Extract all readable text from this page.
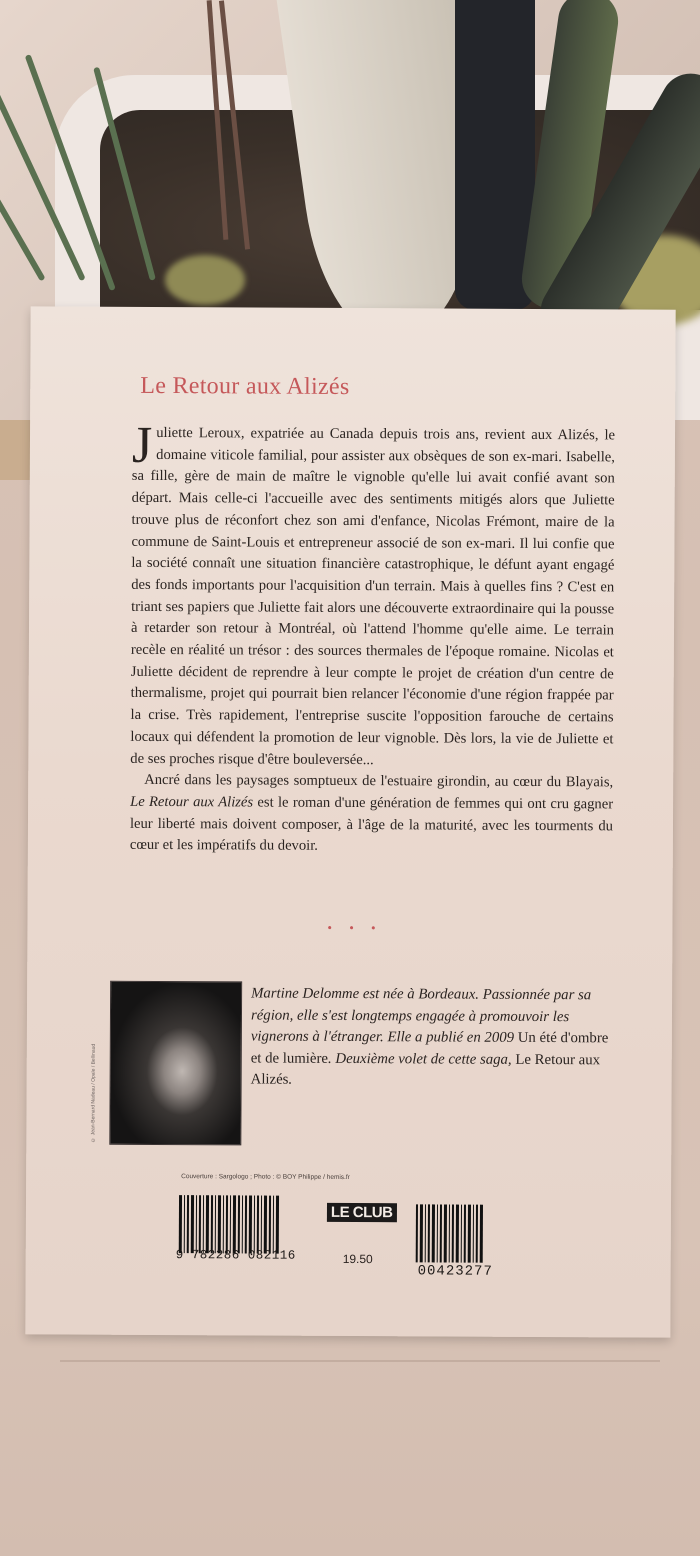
Le Retour aux Alizés

Juliette Leroux, expatriée au Canada depuis trois ans, revient aux Alizés, le domaine viticole familial, pour assister aux obsèques de son ex-mari. Isabelle, sa fille, gère de main de maître le vignoble qu'elle lui avait confié avant son départ. Mais celle-ci l'accueille avec des sentiments mitigés alors que Juliette trouve plus de réconfort chez son ami d'enfance, Nicolas Frémont, maire de la commune de Saint-Louis et entrepreneur associé de son ex-mari. Il lui confie que la société connaît une situation financière catastrophique, le défunt ayant engagé des fonds importants pour l'acquisition d'un terrain. Mais à quelles fins ? C'est en triant ses papiers que Juliette fait alors une découverte extraordinaire qui la pousse à retarder son retour à Montréal, où l'attend l'homme qu'elle aime. Le terrain recèle en réalité un trésor : des sources thermales de l'époque romaine. Nicolas et Juliette décident de reprendre à leur compte le projet de création d'un centre de thermalisme, projet qui pourrait bien relancer l'économie d'une région frappée par la crise. Très rapidement, l'entreprise suscite l'opposition farouche de certains locaux qui défendent la promotion de leur vignoble. Dès lors, la vie de Juliette et de ses proches risque d'être bouleversée...

Ancré dans les paysages somptueux de l'estuaire girondin, au cœur du Blayais, Le Retour aux Alizés est le roman d'une génération de femmes qui ont cru gagner leur liberté mais doivent composer, à l'âge de la maturité, avec les tourments du cœur et les impératifs du devoir.

• • •
© Jean-Bernard Nadeau / Opale / Bellinaud
Martine Delomme est née à Bordeaux. Passionnée par sa région, elle s'est longtemps engagée à promouvoir les vignerons à l'étranger. Elle a publié en 2009 Un été d'ombre et de lumière. Deuxième volet de cette saga, Le Retour aux Alizés.
Couverture : Sargologo ; Photo : © BOY Philippe / hemis.fr
9 782286 082116
LE CLUB
19.50
00423277
